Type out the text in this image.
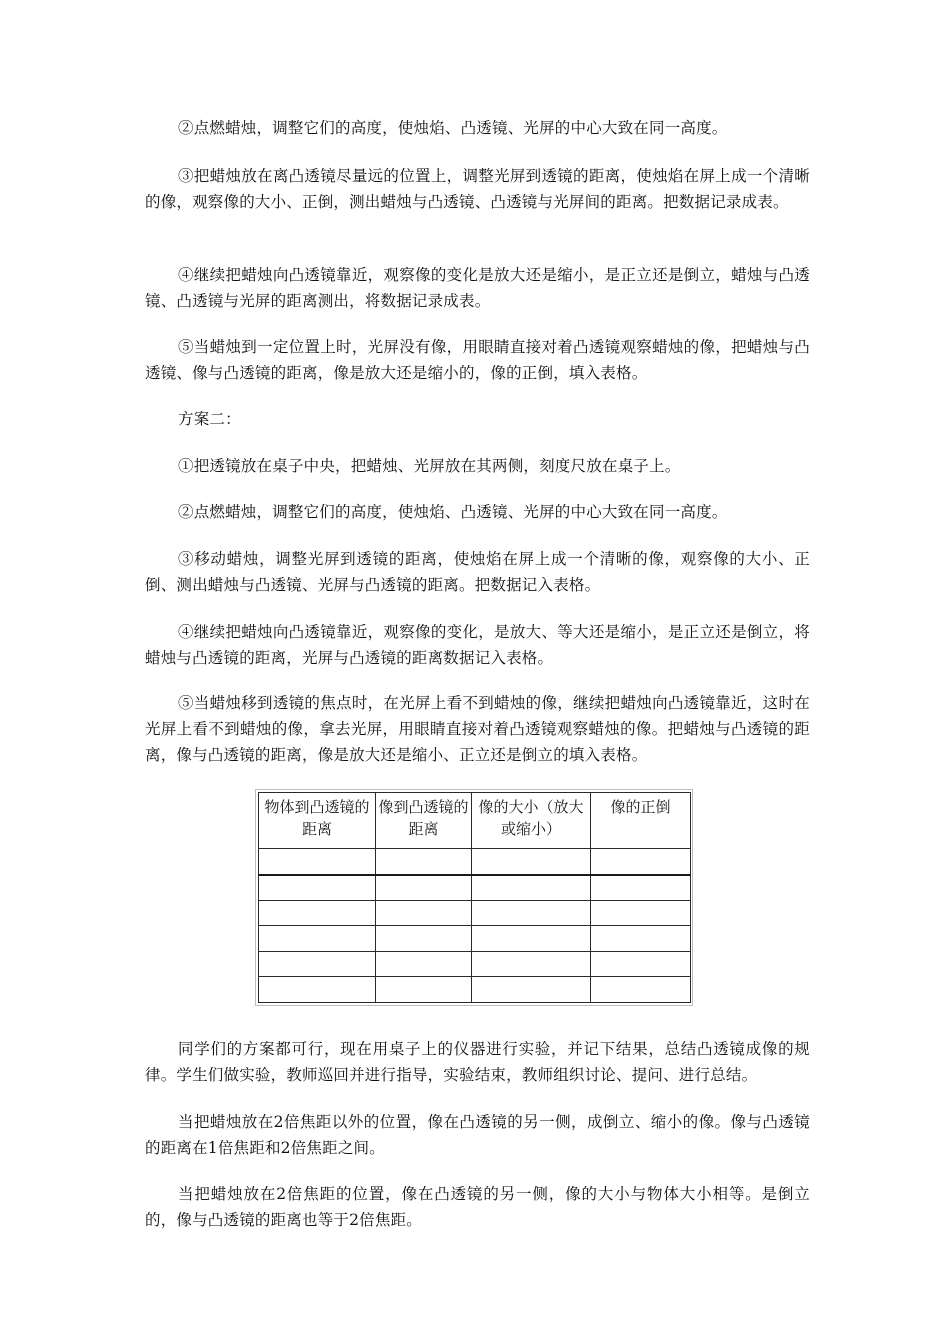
②点燃蜡烛，调整它们的高度，使烛焰、凸透镜、光屏的中心大致在同一高度。

③把蜡烛放在离凸透镜尽量远的位置上，调整光屏到透镜的距离，使烛焰在屏上成一个清晰的像，观察像的大小、正倒，测出蜡烛与凸透镜、凸透镜与光屏间的距离。把数据记录成表。

④继续把蜡烛向凸透镜靠近，观察像的变化是放大还是缩小，是正立还是倒立，蜡烛与凸透镜、凸透镜与光屏的距离测出，将数据记录成表。

⑤当蜡烛到一定位置上时，光屏没有像，用眼睛直接对着凸透镜观察蜡烛的像，把蜡烛与凸透镜、像与凸透镜的距离，像是放大还是缩小的，像的正倒，填入表格。

方案二：

①把透镜放在桌子中央，把蜡烛、光屏放在其两侧，刻度尺放在桌子上。

②点燃蜡烛，调整它们的高度，使烛焰、凸透镜、光屏的中心大致在同一高度。

③移动蜡烛，调整光屏到透镜的距离，使烛焰在屏上成一个清晰的像，观察像的大小、正倒、测出蜡烛与凸透镜、光屏与凸透镜的距离。把数据记入表格。

④继续把蜡烛向凸透镜靠近，观察像的变化，是放大、等大还是缩小，是正立还是倒立，将蜡烛与凸透镜的距离，光屏与凸透镜的距离数据记入表格。

⑤当蜡烛移到透镜的焦点时，在光屏上看不到蜡烛的像，继续把蜡烛向凸透镜靠近，这时在光屏上看不到蜡烛的像，拿去光屏，用眼睛直接对着凸透镜观察蜡烛的像。把蜡烛与凸透镜的距离，像与凸透镜的距离，像是放大还是缩小、正立还是倒立的填入表格。

物体到凸透镜的距离	像到凸透镜的距离	像的大小（放大或缩小）	像的正倒

同学们的方案都可行，现在用桌子上的仪器进行实验，并记下结果，总结凸透镜成像的规律。学生们做实验，教师巡回并进行指导，实验结束，教师组织讨论、提问、进行总结。

当把蜡烛放在2倍焦距以外的位置，像在凸透镜的另一侧，成倒立、缩小的像。像与凸透镜的距离在1倍焦距和2倍焦距之间。

当把蜡烛放在2倍焦距的位置，像在凸透镜的另一侧，像的大小与物体大小相等。是倒立的，像与凸透镜的距离也等于2倍焦距。
